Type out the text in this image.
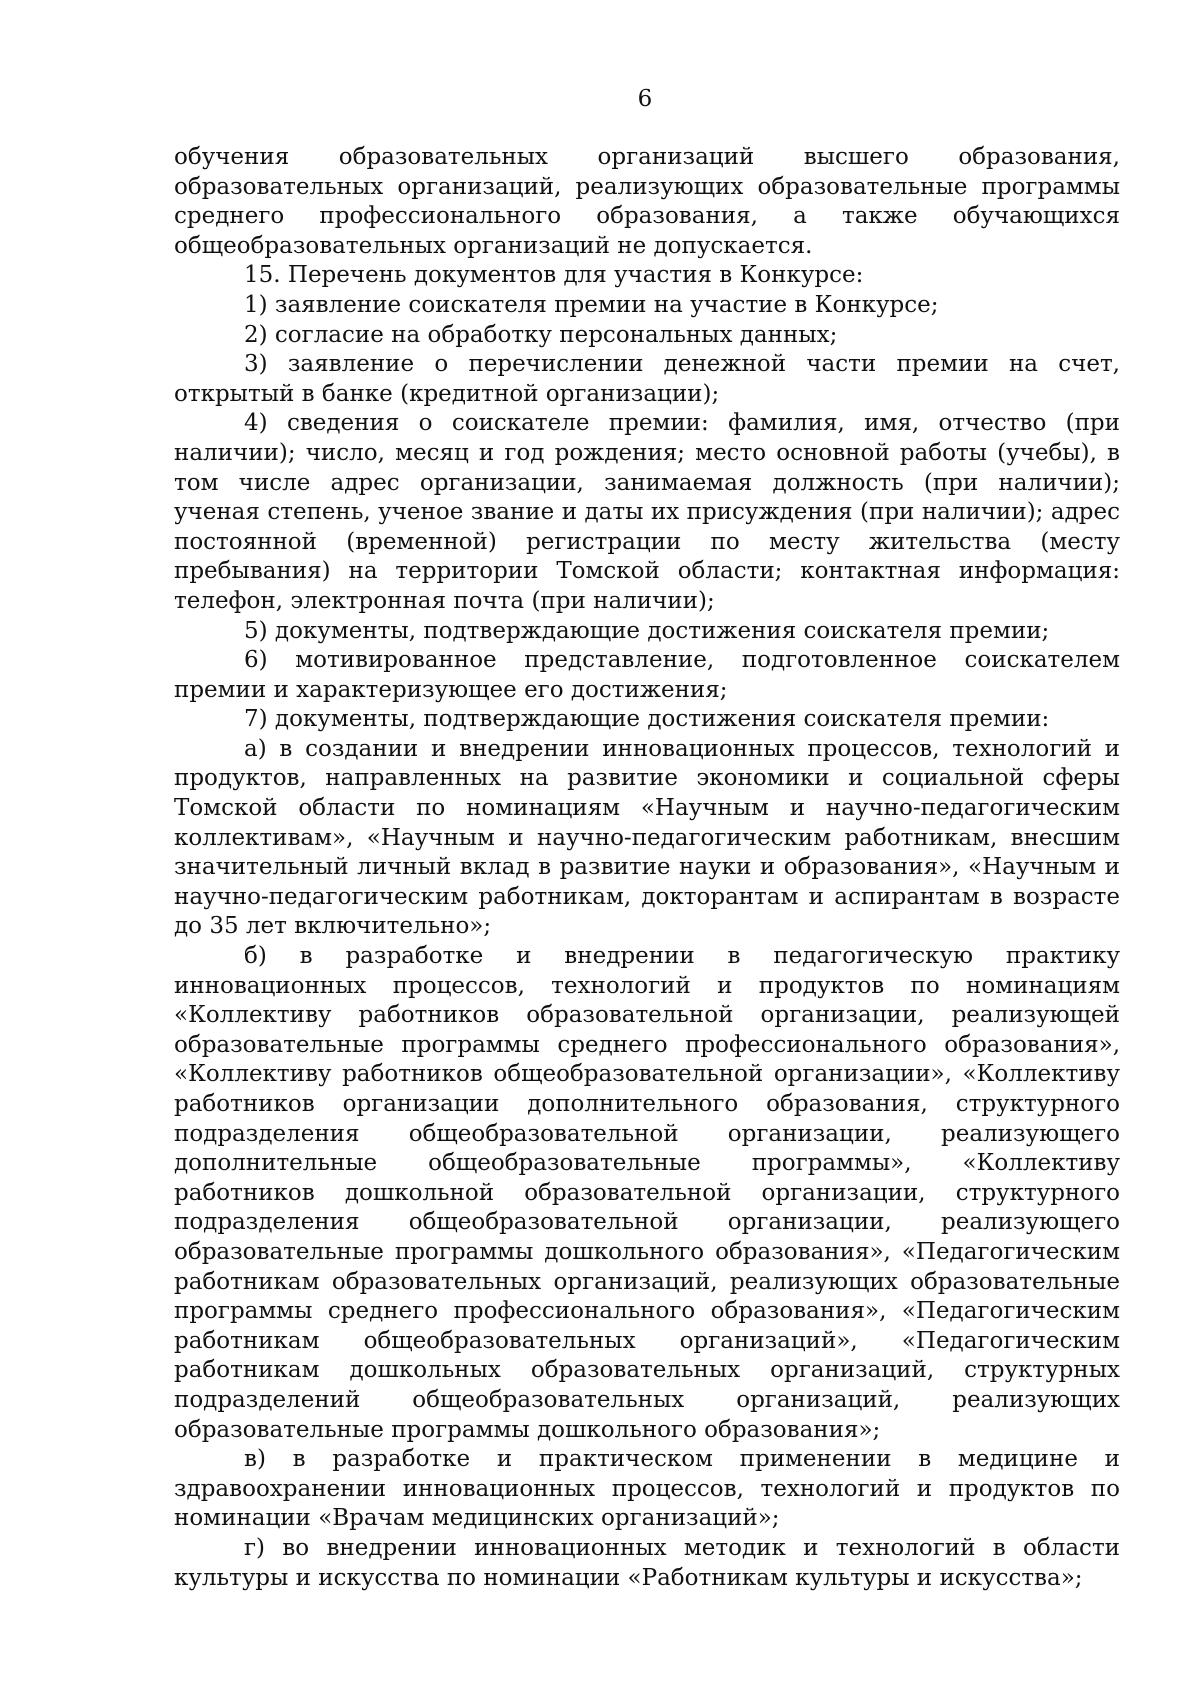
6

обучения образовательных организаций высшего образования, образовательных организаций, реализующих образовательные программы среднего профессионального образования, а также обучающихся общеобразовательных организаций не допускается.

15. Перечень документов для участия в Конкурсе:

1) заявление соискателя премии на участие в Конкурсе;

2) согласие на обработку персональных данных;

3) заявление о перечислении денежной части премии на счет, открытый в банке (кредитной организации);

4) сведения о соискателе премии: фамилия, имя, отчество (при наличии); число, месяц и год рождения; место основной работы (учебы), в том числе адрес организации, занимаемая должность (при наличии); ученая степень, ученое звание и даты их присуждения (при наличии); адрес постоянной (временной) регистрации по месту жительства (месту пребывания) на территории Томской области; контактная информация: телефон, электронная почта (при наличии);

5) документы, подтверждающие достижения соискателя премии;

6) мотивированное представление, подготовленное соискателем премии и характеризующее его достижения;

7) документы, подтверждающие достижения соискателя премии:

а) в создании и внедрении инновационных процессов, технологий и продуктов, направленных на развитие экономики и социальной сферы Томской области по номинациям «Научным и научно-педагогическим коллективам», «Научным и научно-педагогическим работникам, внесшим значительный личный вклад в развитие науки и образования», «Научным и научно-педагогическим работникам, докторантам и аспирантам в возрасте до 35 лет включительно»;

б) в разработке и внедрении в педагогическую практику инновационных процессов, технологий и продуктов по номинациям «Коллективу работников образовательной организации, реализующей образовательные программы среднего профессионального образования», «Коллективу работников общеобразовательной организации», «Коллективу работников организации дополнительного образования, структурного подразделения общеобразовательной организации, реализующего дополнительные общеобразовательные программы», «Коллективу работников дошкольной образовательной организации, структурного подразделения общеобразовательной организации, реализующего образовательные программы дошкольного образования», «Педагогическим работникам образовательных организаций, реализующих образовательные программы среднего профессионального образования», «Педагогическим работникам общеобразовательных организаций», «Педагогическим работникам дошкольных образовательных организаций, структурных подразделений общеобразовательных организаций, реализующих образовательные программы дошкольного образования»;

в) в разработке и практическом применении в медицине и здравоохранении инновационных процессов, технологий и продуктов по номинации «Врачам медицинских организаций»;

г) во внедрении инновационных методик и технологий в области культуры и искусства по номинации «Работникам культуры и искусства»;
